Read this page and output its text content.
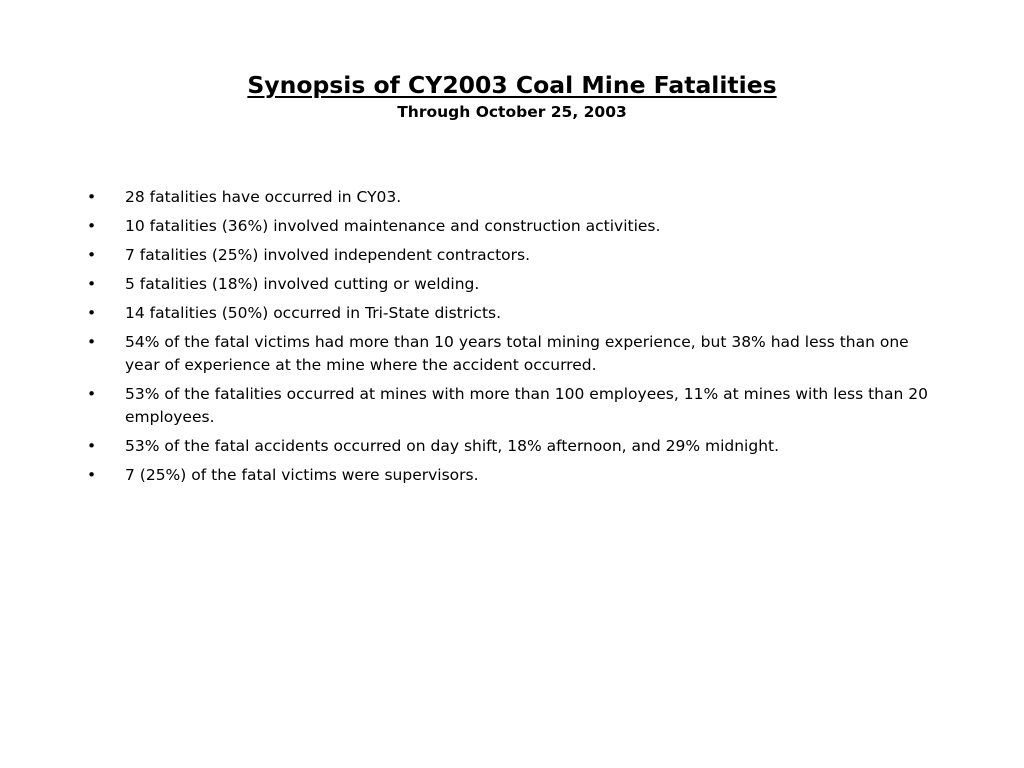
Synopsis of CY2003 Coal Mine Fatalities
Through October 25, 2003
•	28 fatalities have occurred in CY03.
•	10 fatalities (36%) involved maintenance and construction activities.
•	7 fatalities (25%) involved independent contractors.
•	5 fatalities (18%) involved cutting or welding.
•	14 fatalities (50%) occurred in Tri-State districts.
•	54% of the fatal victims had more than 10 years total mining experience, but 38% had less than one year of experience at the mine where the accident occurred.
•	53% of the fatalities occurred at mines with more than 100 employees, 11% at mines with less than 20 employees.
•	53% of the fatal accidents occurred on day shift, 18% afternoon, and 29% midnight.
•	7 (25%) of the fatal victims were supervisors.
